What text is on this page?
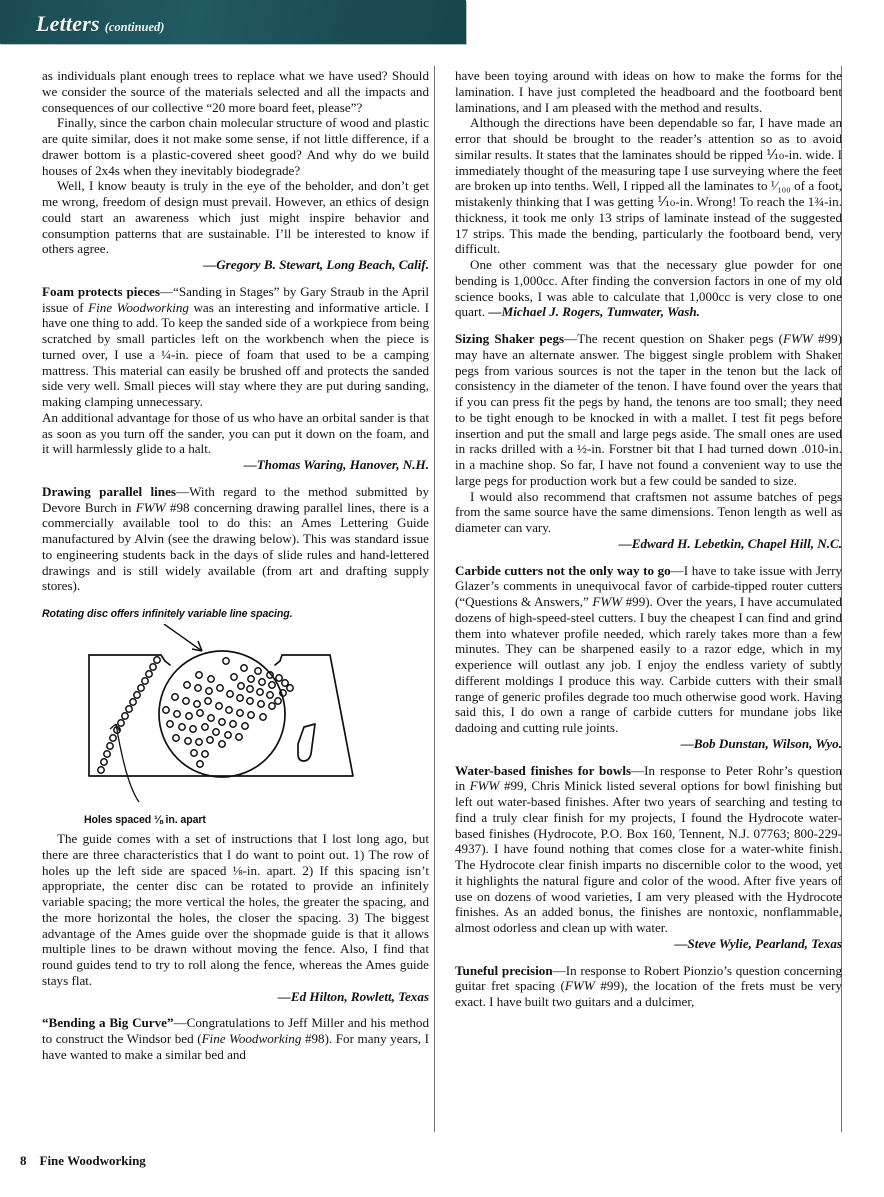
Letters (continued)

as individuals plant enough trees to replace what we have used? Should we consider the source of the materials selected and all the impacts and consequences of our collective “20 more board feet, please”?

Finally, since the carbon chain molecular structure of wood and plastic are quite similar, does it not make some sense, if not little difference, if a drawer bottom is a plastic-covered sheet good? And why do we build houses of 2x4s when they inevitably biodegrade?

Well, I know beauty is truly in the eye of the beholder, and don’t get me wrong, freedom of design must prevail. However, an ethics of design could start an awareness which just might inspire behavior and consumption patterns that are sustainable. I’ll be interested to know if others agree.

—Gregory B. Stewart, Long Beach, Calif.

Foam protects pieces—“Sanding in Stages” by Gary Straub in the April issue of Fine Woodworking was an interesting and informative article. I have one thing to add. To keep the sanded side of a workpiece from being scratched by small particles left on the workbench when the piece is turned over, I use a ¼-in. piece of foam that used to be a camping mattress. This material can easily be brushed off and protects the sanded side very well. Small pieces will stay where they are put during sanding, making clamping unnecessary.

An additional advantage for those of us who have an orbital sander is that as soon as you turn off the sander, you can put it down on the foam, and it will harmlessly glide to a halt.

—Thomas Waring, Hanover, N.H.

Drawing parallel lines—With regard to the method submitted by Devore Burch in FWW #98 concerning drawing parallel lines, there is a commercially available tool to do this: an Ames Lettering Guide manufactured by Alvin (see the drawing below). This was standard issue to engineering students back in the days of slide rules and hand-lettered drawings and is still widely available (from art and drafting supply stores).

Rotating disc offers infinitely variable line spacing.
Holes spaced ⅛ in. apart

The guide comes with a set of instructions that I lost long ago, but there are three characteristics that I do want to point out. 1) The row of holes up the left side are spaced ⅛-in. apart. 2) If this spacing isn’t appropriate, the center disc can be rotated to provide an infinitely variable spacing; the more vertical the holes, the greater the spacing, and the more horizontal the holes, the closer the spacing. 3) The biggest advantage of the Ames guide over the shopmade guide is that it allows multiple lines to be drawn without moving the fence. Also, I find that round guides tend to try to roll along the fence, whereas the Ames guide stays flat.

—Ed Hilton, Rowlett, Texas

“Bending a Big Curve”—Congratulations to Jeff Miller and his method to construct the Windsor bed (Fine Woodworking #98). For many years, I have wanted to make a similar bed and

have been toying around with ideas on how to make the forms for the lamination. I have just completed the headboard and the footboard bent laminations, and I am pleased with the method and results.

Although the directions have been dependable so far, I have made an error that should be brought to the reader’s attention so as to avoid similar results. It states that the laminates should be ripped ⅒-in. wide. I immediately thought of the measuring tape I use surveying where the feet are broken up into tenths. Well, I ripped all the laminates to ¹⁄₁₀₀ of a foot, mistakenly thinking that I was getting ⅒-in. Wrong! To reach the 1¾-in. thickness, it took me only 13 strips of laminate instead of the suggested 17 strips. This made the bending, particularly the footboard bend, very difficult.

One other comment was that the necessary glue powder for one bending is 1,000cc. After finding the conversion factors in one of my old science books, I was able to calculate that 1,000cc is very close to one quart. —Michael J. Rogers, Tumwater, Wash.

Sizing Shaker pegs—The recent question on Shaker pegs (FWW #99) may have an alternate answer. The biggest single problem with Shaker pegs from various sources is not the taper in the tenon but the lack of consistency in the diameter of the tenon. I have found over the years that if you can press fit the pegs by hand, the tenons are too small; they need to be tight enough to be knocked in with a mallet. I test fit pegs before insertion and put the small and large pegs aside. The small ones are used in racks drilled with a ½-in. Forstner bit that I had turned down .010-in. in a machine shop. So far, I have not found a convenient way to use the large pegs for production work but a few could be sanded to size.

I would also recommend that craftsmen not assume batches of pegs from the same source have the same dimensions. Tenon length as well as diameter can vary.

—Edward H. Lebetkin, Chapel Hill, N.C.

Carbide cutters not the only way to go—I have to take issue with Jerry Glazer’s comments in unequivocal favor of carbide-tipped router cutters (“Questions & Answers,” FWW #99). Over the years, I have accumulated dozens of high-speed-steel cutters. I buy the cheapest I can find and grind them into whatever profile needed, which rarely takes more than a few minutes. They can be sharpened easily to a razor edge, which in my experience will outlast any job. I enjoy the endless variety of subtly different moldings I produce this way. Carbide cutters with their small range of generic profiles degrade too much otherwise good work. Having said this, I do own a range of carbide cutters for mundane jobs like dadoing and cutting rule joints.

—Bob Dunstan, Wilson, Wyo.

Water-based finishes for bowls—In response to Peter Rohr’s question in FWW #99, Chris Minick listed several options for bowl finishing but left out water-based finishes. After two years of searching and testing to find a truly clear finish for my projects, I found the Hydrocote water-based finishes (Hydrocote, P.O. Box 160, Tennent, N.J. 07763; 800-229-4937). I have found nothing that comes close for a water-white finish. The Hydrocote clear finish imparts no discernible color to the wood, yet it highlights the natural figure and color of the wood. After five years of use on dozens of wood varieties, I am very pleased with the Hydrocote finishes. As an added bonus, the finishes are nontoxic, nonflammable, almost odorless and clean up with water.

—Steve Wylie, Pearland, Texas

Tuneful precision—In response to Robert Pionzio’s question concerning guitar fret spacing (FWW #99), the location of the frets must be very exact. I have built two guitars and a dulcimer,

8 Fine Woodworking
